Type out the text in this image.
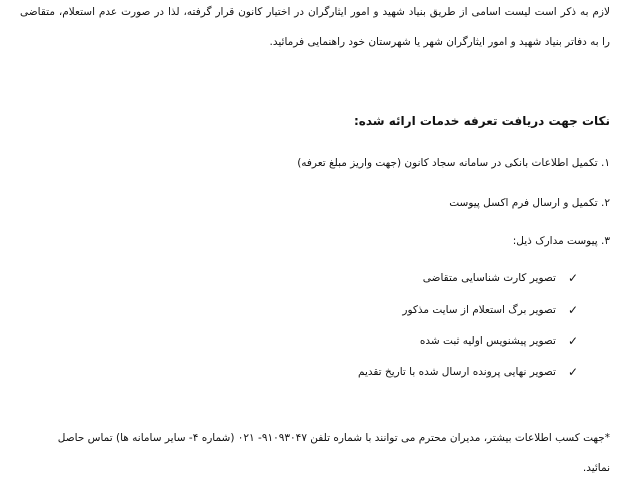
لازم به ذکر است لیست اسامی از طریق بنیاد شهید و امور ایثارگران در اختیار کانون قرار گرفته، لذا در صورت عدم استعلام، متقاضی
را به دفاتر بنیاد شهید و امور ایثارگران شهر یا شهرستان خود راهنمایی فرمائید.
نکات جهت دریافت تعرفه خدمات ارائه شده:
۱. تکمیل اطلاعات بانکی در سامانه سجاد کانون (جهت واریز مبلغ تعرفه)
۲. تکمیل و ارسال فرم اکسل پیوست
۳. پیوست مدارک ذیل:
✓
تصویر کارت شناسایی متقاضی
✓
تصویر برگ استعلام از سایت مذکور
✓
تصویر پیشنویس اولیه ثبت شده
✓
تصویر نهایی پرونده ارسال شده با تاریخ تقدیم
*جهت کسب اطلاعات بیشتر، مدیران محترم می توانند با شماره تلفن ۹۱۰۹۳۰۴۷- ۰۲۱ (شماره ۴- سایر سامانه ها) تماس حاصل
نمائید.
